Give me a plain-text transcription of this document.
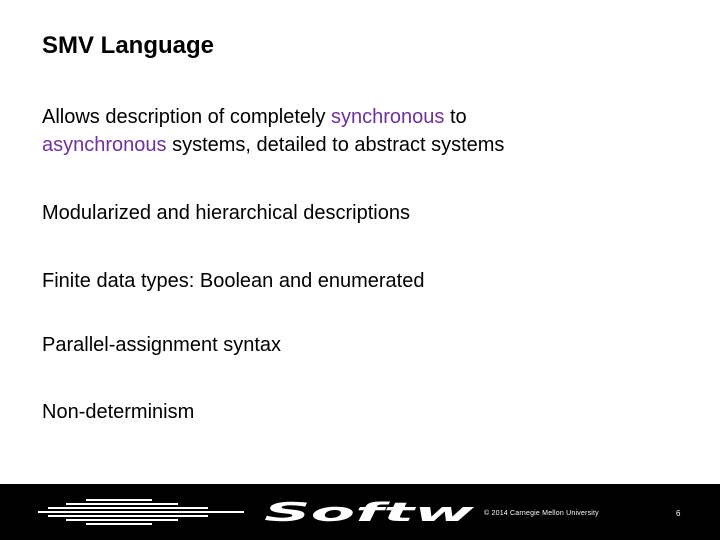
SMV Language

Allows description of completely synchronous to
asynchronous systems, detailed to abstract systems

Modularized and hierarchical descriptions

Finite data types: Boolean and enumerated

Parallel-assignment syntax

Non-determinism

Softw © 2014 Carnegie Mellon University	6
